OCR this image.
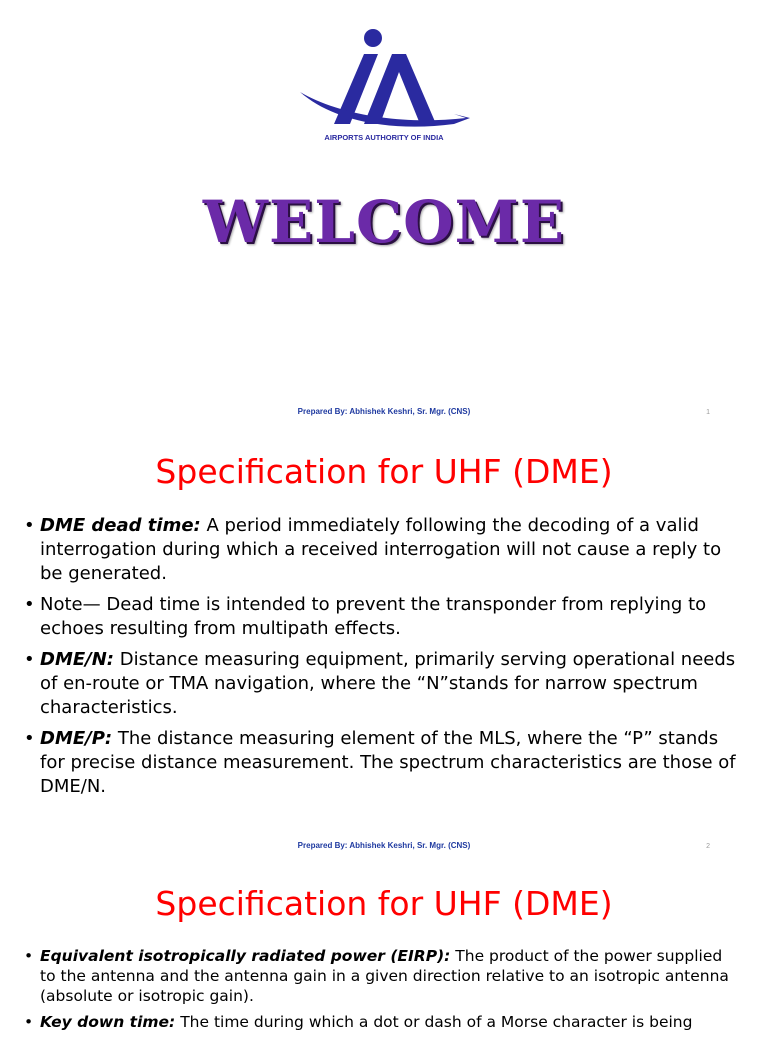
AIRPORTS AUTHORITY OF INDIA
WELCOME
Prepared By: Abhishek Keshri, Sr. Mgr. (CNS)	1
Specification for UHF (DME)
• DME dead time: A period immediately following the decoding of a valid interrogation during which a received interrogation will not cause a reply to be generated.
• Note— Dead time is intended to prevent the transponder from replying to echoes resulting from multipath effects.
• DME/N: Distance measuring equipment, primarily serving operational needs of en-route or TMA navigation, where the “N”stands for narrow spectrum characteristics.
• DME/P: The distance measuring element of the MLS, where the “P” stands for precise distance measurement. The spectrum characteristics are those of DME/N.
Prepared By: Abhishek Keshri, Sr. Mgr. (CNS)	2
Specification for UHF (DME)
• Equivalent isotropically radiated power (EIRP): The product of the power supplied to the antenna and the antenna gain in a given direction relative to an isotropic antenna (absolute or isotropic gain).
• Key down time: The time during which a dot or dash of a Morse character is being
